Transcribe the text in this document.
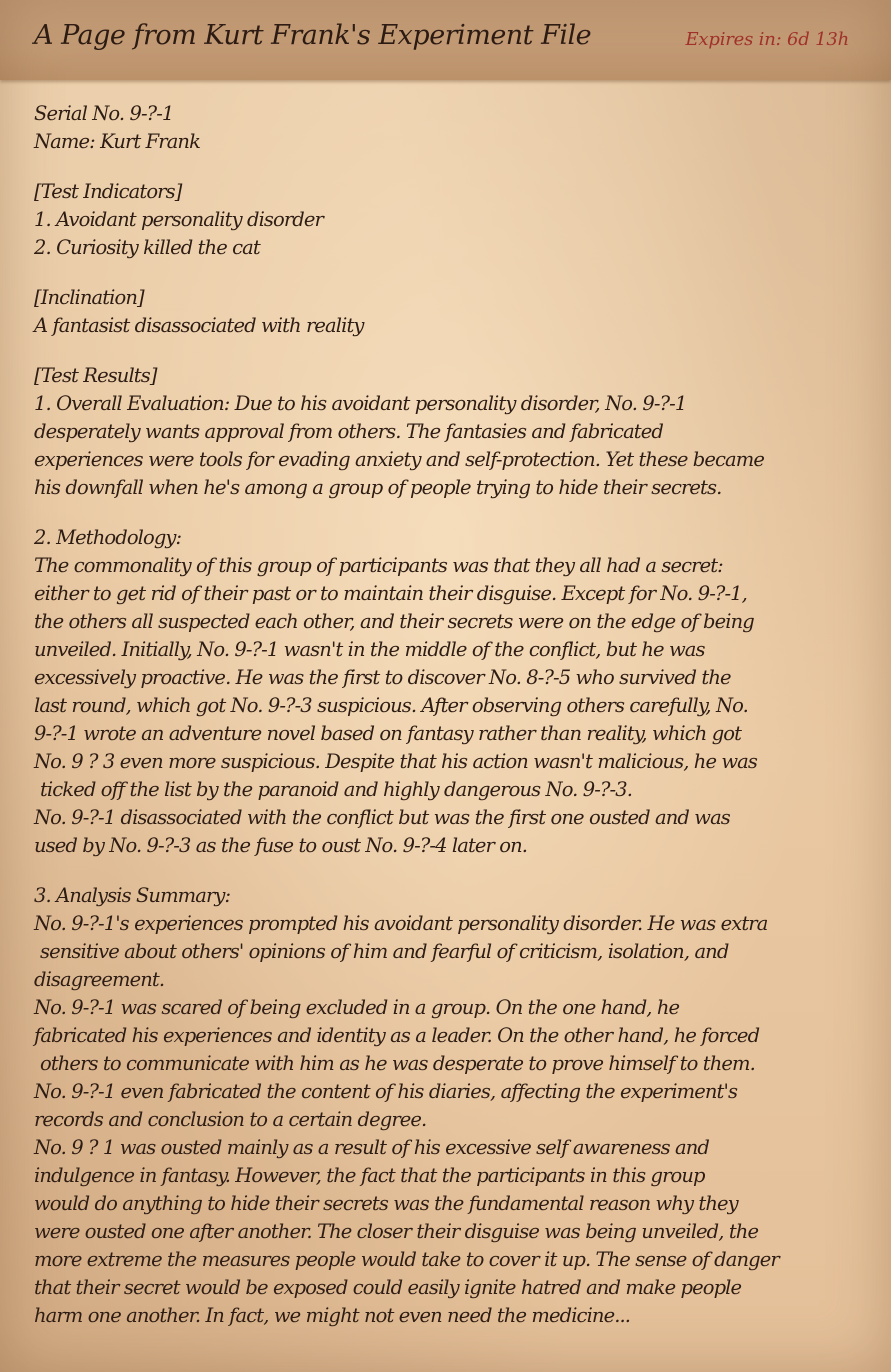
A Page from Kurt Frank's Experiment File	Expires in: 6d 13h
Serial No. 9-?-1
Name: Kurt Frank
[Test Indicators]
1. Avoidant personality disorder
2. Curiosity killed the cat
[Inclination]
A fantasist disassociated with reality
[Test Results]
1. Overall Evaluation: Due to his avoidant personality disorder, No. 9-?-1
desperately wants approval from others. The fantasies and fabricated
experiences were tools for evading anxiety and self-protection. Yet these became
his downfall when he's among a group of people trying to hide their secrets.
2. Methodology:
The commonality of this group of participants was that they all had a secret:
either to get rid of their past or to maintain their disguise. Except for No. 9-?-1,
the others all suspected each other, and their secrets were on the edge of being
unveiled. Initially, No. 9-?-1 wasn't in the middle of the conflict, but he was
excessively proactive. He was the first to discover No. 8-?-5 who survived the
last round, which got No. 9-?-3 suspicious. After observing others carefully, No.
9-?-1 wrote an adventure novel based on fantasy rather than reality, which got
No. 9 ? 3 even more suspicious. Despite that his action wasn't malicious, he was
ticked off the list by the paranoid and highly dangerous No. 9-?-3.
No. 9-?-1 disassociated with the conflict but was the first one ousted and was
used by No. 9-?-3 as the fuse to oust No. 9-?-4 later on.
3. Analysis Summary:
No. 9-?-1's experiences prompted his avoidant personality disorder. He was extra
sensitive about others' opinions of him and fearful of criticism, isolation, and
disagreement.
No. 9-?-1 was scared of being excluded in a group. On the one hand, he
fabricated his experiences and identity as a leader. On the other hand, he forced
others to communicate with him as he was desperate to prove himself to them.
No. 9-?-1 even fabricated the content of his diaries, affecting the experiment's
records and conclusion to a certain degree.
No. 9 ? 1 was ousted mainly as a result of his excessive self awareness and
indulgence in fantasy. However, the fact that the participants in this group
would do anything to hide their secrets was the fundamental reason why they
were ousted one after another. The closer their disguise was being unveiled, the
more extreme the measures people would take to cover it up. The sense of danger
that their secret would be exposed could easily ignite hatred and make people
harm one another. In fact, we might not even need the medicine...
